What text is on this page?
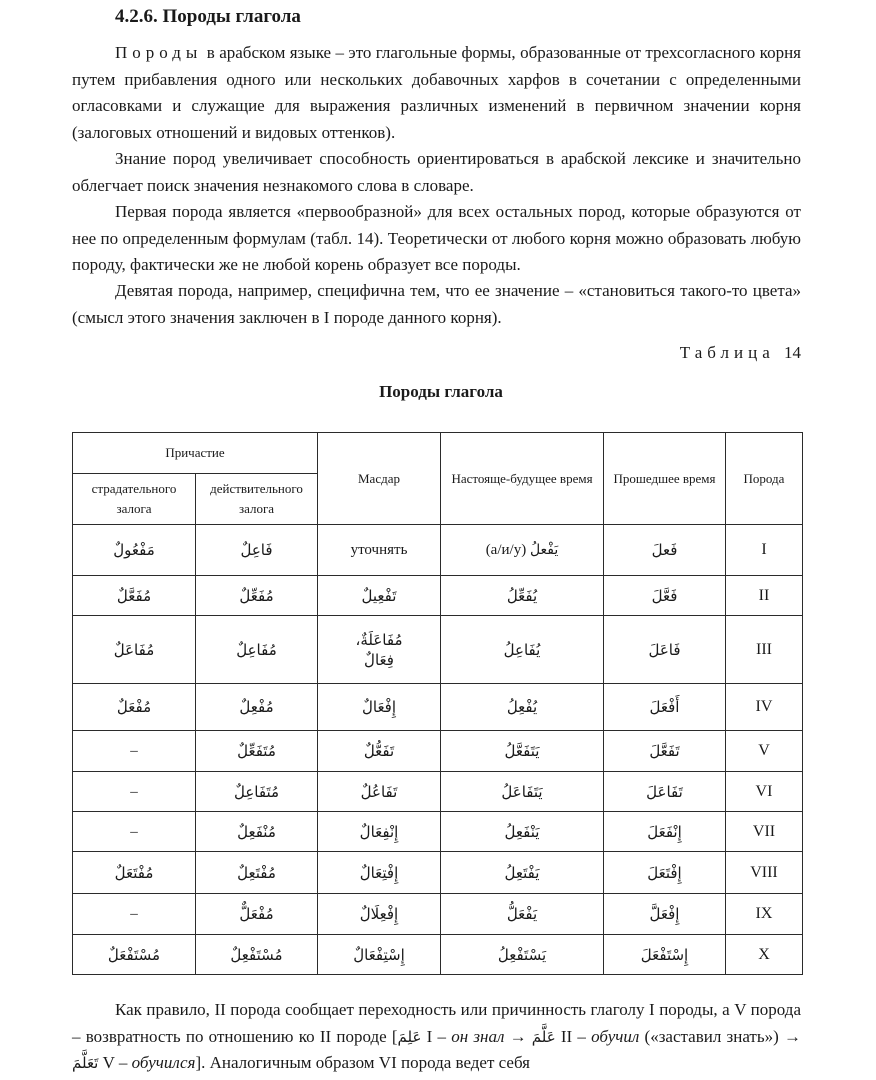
4.2.6. Породы глагола

Породы в арабском языке – это глагольные формы, образованные от трехсогласного корня путем прибавления одного или нескольких добавочных харфов в сочетании с определенными огласовками и служащие для выражения различных изменений в первичном значении корня (залоговых отношений и видовых оттенков).

Знание пород увеличивает способность ориентироваться в арабской лексике и значительно облегчает поиск значения незнакомого слова в словаре.

Первая порода является «первообразной» для всех остальных пород, которые образуются от нее по определенным формулам (табл. 14). Теоретически от любого корня можно образовать любую породу, фактически же не любой корень образует все породы.

Девятая порода, например, специфична тем, что ее значение – «становиться такого-то цвета» (смысл этого значения заключен в I породе данного корня).

Таблица 14

Породы глагола

Причастие		Масдар	Настояще-будущее время	Прошедшее время	Порода
страдательного залога	действительного залога				
مَفْعُولٌ	فَاعِلٌ	уточнять	(а/и/у) يَفْعلُ	فَعلَ	I
مُفَعَّلٌ	مُفَعِّلٌ	تَفْعِيلٌ	يُفَعِّلُ	فَعَّلَ	II
مُفَاعَلٌ	مُفَاعِلٌ	مُفَاعَلَةٌ،
فِعَالٌ	يُفَاعِلُ	فَاعَلَ	III
مُفْعَلٌ	مُفْعِلٌ	إِفْعَالٌ	يُفْعِلُ	أَفْعَلَ	IV
–	مُتَفَعِّلٌ	تَفَعُّلٌ	يَتَفَعَّلُ	تَفَعَّلَ	V
–	مُتَفَاعِلٌ	تَفَاعُلٌ	يَتَفَاعَلُ	تَفَاعَلَ	VI
–	مُنْفَعِلٌ	إِنْفِعَالٌ	يَنْفَعِلُ	إِنْفَعَلَ	VII
مُفْتَعَلٌ	مُفْتَعِلٌ	إِفْتِعَالٌ	يَفْتَعِلُ	إِفْتَعَلَ	VIII
–	مُفْعَلٌّ	إِفْعِلَالٌ	يَفْعَلُّ	إِفْعَلَّ	IX
مُسْتَفْعَلٌ	مُسْتَفْعِلٌ	إِسْتِفْعَالٌ	يَسْتَفْعِلُ	إِسْتَفْعَلَ	X

Как правило, II порода сообщает переходность или причинность глаголу I породы, а V порода – возвратность по отношению ко II породе [عَلِمَ I – он знал → عَلَّمَ II – обучил («заставил знать») → تَعَلَّمَ V – обучился]. Аналогичным образом VI порода ведет себя
